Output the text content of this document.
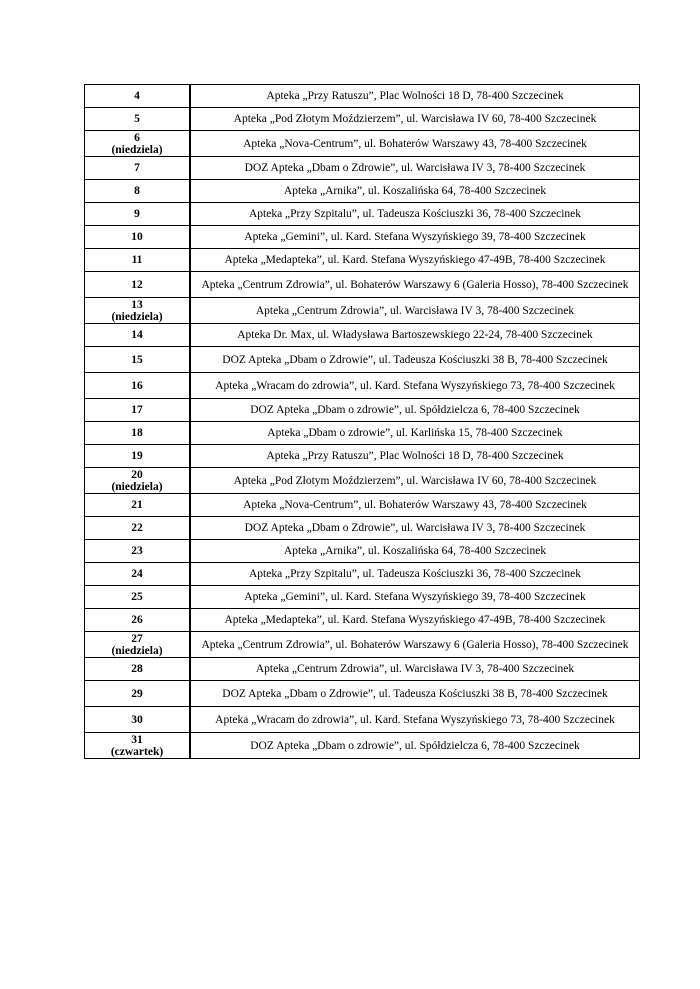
4	Apteka „Przy Ratuszu”, Plac Wolności 18 D, 78-400 Szczecinek

5	Apteka „Pod Złotym Moździerzem”, ul. Warcisława IV 60, 78-400 Szczecinek

6
(niedziela)	Apteka „Nova-Centrum”, ul. Bohaterów Warszawy 43, 78-400 Szczecinek

7	DOZ Apteka „Dbam o Zdrowie”, ul. Warcisława IV 3, 78-400 Szczecinek

8	Apteka „Arnika”, ul. Koszalińska 64, 78-400 Szczecinek

9	Apteka „Przy Szpitalu”, ul. Tadeusza Kościuszki 36, 78-400 Szczecinek

10	Apteka „Gemini”, ul. Kard. Stefana Wyszyńskiego 39, 78-400 Szczecinek

11	Apteka „Medapteka”, ul. Kard. Stefana Wyszyńskiego 47-49B, 78-400 Szczecinek

12	Apteka „Centrum Zdrowia”, ul. Bohaterów Warszawy 6 (Galeria Hosso), 78-400 Szczecinek

13
(niedziela)	Apteka „Centrum Zdrowia”, ul. Warcisława IV 3, 78-400 Szczecinek

14	Apteka Dr. Max, ul. Władysława Bartoszewskiego 22-24, 78-400 Szczecinek

15	DOZ Apteka „Dbam o Zdrowie”, ul. Tadeusza Kościuszki 38 B, 78-400 Szczecinek

16	Apteka „Wracam do zdrowia”, ul. Kard. Stefana Wyszyńskiego 73, 78-400 Szczecinek

17	DOZ Apteka „Dbam o zdrowie”, ul. Spółdzielcza 6, 78-400 Szczecinek

18	Apteka „Dbam o zdrowie”, ul. Karlińska 15, 78-400 Szczecinek

19	Apteka „Przy Ratuszu”, Plac Wolności 18 D, 78-400 Szczecinek

20
(niedziela)	Apteka „Pod Złotym Moździerzem”, ul. Warcisława IV 60, 78-400 Szczecinek

21	Apteka „Nova-Centrum”, ul. Bohaterów Warszawy 43, 78-400 Szczecinek

22	DOZ Apteka „Dbam o Zdrowie”, ul. Warcisława IV 3, 78-400 Szczecinek

23	Apteka „Arnika”, ul. Koszalińska 64, 78-400 Szczecinek

24	Apteka „Przy Szpitalu”, ul. Tadeusza Kościuszki 36, 78-400 Szczecinek

25	Apteka „Gemini”, ul. Kard. Stefana Wyszyńskiego 39, 78-400 Szczecinek

26	Apteka „Medapteka”, ul. Kard. Stefana Wyszyńskiego 47-49B, 78-400 Szczecinek

27
(niedziela)	Apteka „Centrum Zdrowia”, ul. Bohaterów Warszawy 6 (Galeria Hosso), 78-400 Szczecinek

28	Apteka „Centrum Zdrowia”, ul. Warcisława IV 3, 78-400 Szczecinek

29	DOZ Apteka „Dbam o Zdrowie”, ul. Tadeusza Kościuszki 38 B, 78-400 Szczecinek

30	Apteka „Wracam do zdrowia”, ul. Kard. Stefana Wyszyńskiego 73, 78-400 Szczecinek

31
(czwartek)	DOZ Apteka „Dbam o zdrowie”, ul. Spółdzielcza 6, 78-400 Szczecinek
